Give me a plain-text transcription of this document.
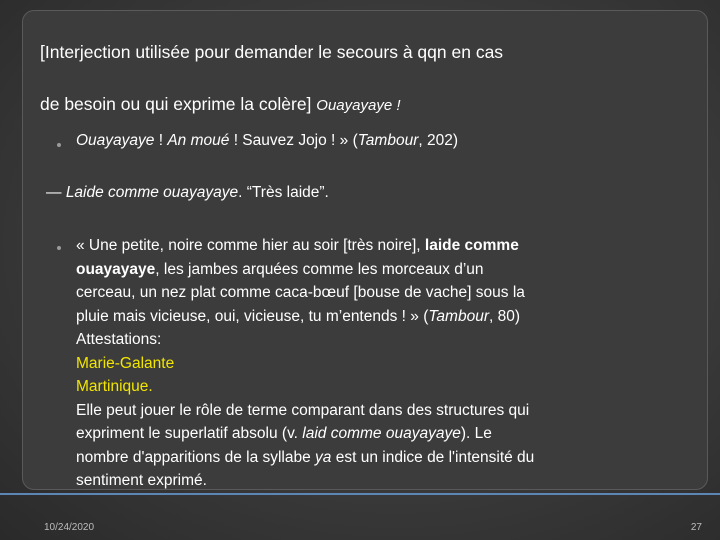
[Interjection utilisée pour demander le secours à qqn en cas
de besoin ou qui exprime la colère] Ouayayaye !
Ouayayaye ! An moué ! Sauvez Jojo ! » (Tambour, 202)
— Laide comme ouayayaye. “Très laide”.
« Une petite, noire comme hier au soir [très noire], laide comme
ouayayaye, les jambes arquées comme les morceaux d’un
cerceau, un nez plat comme caca-bœuf [bouse de vache] sous la
pluie mais vicieuse, oui, vicieuse, tu m’entends ! » (Tambour, 80)
Attestations:
Marie-Galante
Martinique.
Elle peut jouer le rôle de terme comparant dans des structures qui
expriment le superlatif absolu (v. laid comme ouayayaye). Le
nombre d'apparitions de la syllabe ya est un indice de l'intensité du
sentiment exprimé.
10/24/2020	27
